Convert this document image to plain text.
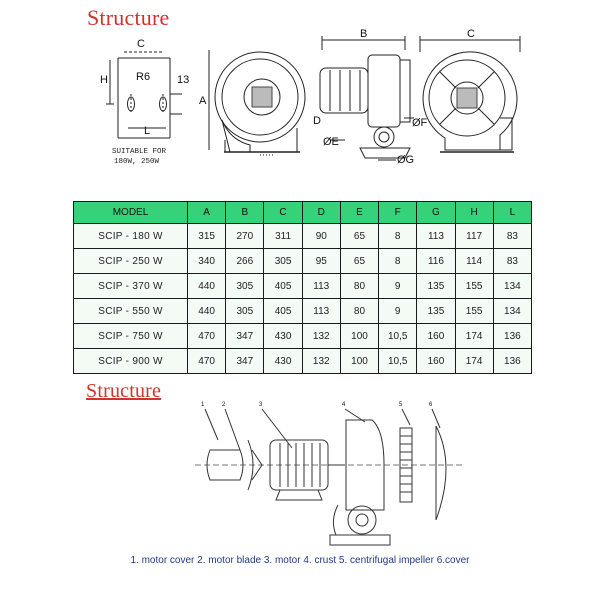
Structure
Structure
C
H	R6 13
L
A
B	C
D
ØE
ØF
ØG
SUITABLE FOR
180W, 250W
MODEL	A	B	C	D	E	F	G	H	L
SCIP - 180 W	315	270	311	90	65	8	113	117	83
SCIP - 250 W	340	266	305	95	65	8	116	114	83
SCIP - 370 W	440	305	405	113	80	9	135	155	134
SCIP - 550 W	440	305	405	113	80	9	135	155	134
SCIP - 750 W	470	347	430	132	100	10,5	160	174	136
SCIP - 900 W	470	347	430	132	100	10,5	160	174	136
1	2	3	4	5	6
1. motor cover 2. motor blade 3. motor 4. crust 5. centrifugal impeller 6.cover
